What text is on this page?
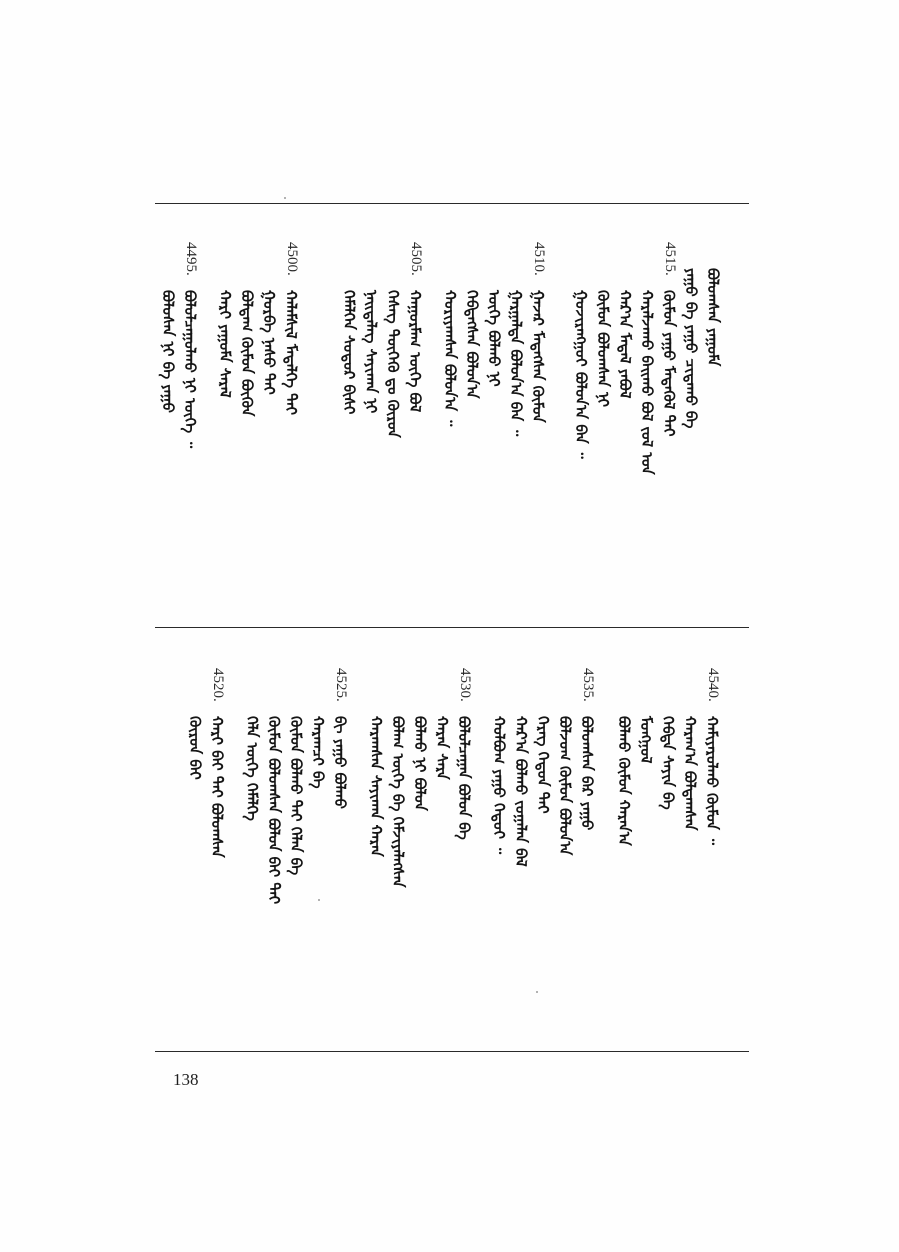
ᠪᠣᠯᠣᠭᠰᠠᠨ ᠶᠠᠭᠤᠮᠠ
ᠶᠠᠭᠤ ᠪᠠ ᠶᠠᠭᠤ ᠴᠢᠳᠠᠬᠤ ᠪᠡ
4515.
ᠬᠦᠮᠦᠨ ᠶᠠᠭᠤ ᠮᠡᠳᠡᠭᠦᠯ ᠲᠠᠢ
ᠬᠠᠷᠠᠯᠵᠠᠬᠤ ᠪᠠᠢᠬᠤ ᠪᠣᠯ ᠵᠣᠯ ᠤᠨ
ᠬᠠᠷ᠎ᠠ ᠮᠡᠳᠡᠯ ᠶᠠᠪᠤᠯ
ᠬᠦᠮᠦᠨ ᠪᠣᠯᠤᠭᠰᠠᠨ ᠨᠢ
ᠭᠤᠵᠢᠷᠠᠩᠭᠤᠢ ᠪᠣᠯᠤᠨ᠎ᠠ ᠪᠡᠨ ᠃
4510.
ᠭᠠᠵᠠᠷ ᠮᠡᠳᠡᠭᠰᠡᠨ ᠬᠦᠮᠦᠨ
ᠭᠠᠷᠭᠠᠯᠲᠠ ᠪᠣᠯᠤᠨ᠎ᠠ ᠪᠡᠨ ᠃
ᠦᠭᠡ ᠪᠣᠯᠬᠤ ᠨᠢ
ᠬᠡᠪᠲᠡᠭᠰᠡᠨ ᠪᠣᠯᠤᠨ᠎ᠠ
ᠬᠣᠷᠢᠶᠠᠭᠰᠠᠨ ᠪᠣᠯᠤᠨ᠎ᠠ ᠃
4505.
ᠬᠠᠭᠤᠷᠮᠠᠭ ᠦᠭᠡ ᠪᠣᠯ
ᠬᠡᠰᠡᠭ ᠲᠦᠭᠡᠬᠦ ᠳᠤ ᠬᠦᠷᠦᠨ
ᠨᠡᠢᠲᠡᠯᠡᠭ ᠰᠠᠶᠢᠬᠠᠨ ᠨᠢ
ᠬᠡᠮᠡᠯᠭᠡᠨ ᠰᠣᠳᠤᠷ ᠪᠢᠱᠢ
4500.
ᠬᠠᠯᠠᠮᠰᠢᠯ ᠮᠡᠳᠡᠯᠭᠡ ᠲᠠᠢ
ᠭᠤᠷᠪᠠ ᠨᠠᠰᠤ ᠲᠡᠢ
ᠪᠣᠯᠳᠠᠭ ᠬᠦᠮᠦᠨ ᠪᠦᠬᠦᠨ
ᠬᠠᠷᠢ ᠶᠠᠭᠤᠮᠠ ᠰᠠᠷᠠᠯ
4495.
ᠪᠣᠯᠣᠯᠴᠠᠭᠤᠯᠬᠤ ᠨᠢ ᠦᠭᠡ ᠃
ᠪᠣᠯᠣᠰᠠᠨ ᠨᠢ ᠪᠡ ᠶᠠᠭᠤ
4540.
ᠬᠠᠮᠢᠶᠠᠷᠤᠯᠬᠤ ᠬᠦᠮᠦᠨ ᠃
ᠬᠠᠷᠠᠭ᠎ᠠ ᠪᠣᠯᠳᠠᠭᠰᠠᠨ
ᠬᠡᠪᠲᠡ ᠰᠠᠶᠢᠨ ᠪᠠ
ᠮᠣᠩᠭᠣᠯ
ᠪᠣᠯᠬᠤ ᠬᠦᠮᠦᠨ ᠬᠠᠷᠠᠨ᠎ᠠ
4535.
ᠪᠣᠯᠣᠭᠰᠠᠨ ᠪᠠᠷ ᠶᠠᠭᠤ
ᠪᠣᠯᠵᠣᠭ ᠬᠦᠮᠦᠨ ᠪᠣᠯᠣᠨ᠎ᠠ
ᠬᠡᠷᠡᠭ ᠬᠡᠳᠦᠨ ᠲᠠᠢ
ᠬᠠᠷ᠎ᠠ ᠪᠣᠯᠬᠤ ᠵᠤᠭᠠᠯᠠᠨ ᠪᠡᠯ
ᠬᠣᠯᠪᠣᠭ ᠶᠠᠭᠤ ᠬᠡᠳᠦᠢ ᠃
4530.
ᠪᠣᠯᠣᠯᠴᠠᠭᠠᠨ ᠪᠣᠯᠤᠨ ᠪᠡ
ᠬᠠᠷᠠᠨ ᠰᠠᠷᠠ
ᠪᠣᠯᠬᠤ ᠨᠢ ᠪᠣᠯᠣᠨ
ᠪᠣᠯᠠᠭ ᠦᠭᠡ ᠪᠠ ᠬᠡᠮᠵᠢᠶᠡᠯᠡᠭᠰᠡᠨ
ᠬᠠᠷᠠᠭᠰᠠᠨ ᠰᠠᠶᠢᠬᠠᠨ ᠬᠠᠷᠠᠨ
4525.
ᠪᠢ ᠶᠠᠭᠤ ᠪᠣᠯᠬᠤ
ᠬᠠᠷᠠᠭᠴᠢ ᠪᠡ
ᠬᠦᠮᠦᠨ ᠪᠣᠯᠬᠤ ᠲᠠᠢ ᠬᠡᠯᠡᠨ ᠪᠡ
ᠬᠦᠮᠦᠨ ᠪᠣᠯᠣᠭᠰᠠᠨ ᠪᠣᠯᠤᠨ ᠪᠠᠢ ᠲᠠᠢ
ᠬᠡᠯᠡ ᠦᠭᠡ ᠬᠡᠮᠡᠯᠭᠡ
4520.
ᠬᠠᠷᠢ ᠪᠠᠢ ᠲᠠᠢ ᠪᠣᠯᠣᠭᠰᠠᠨ
ᠬᠦᠷᠦᠨ ᠪᠠᠢ
138
